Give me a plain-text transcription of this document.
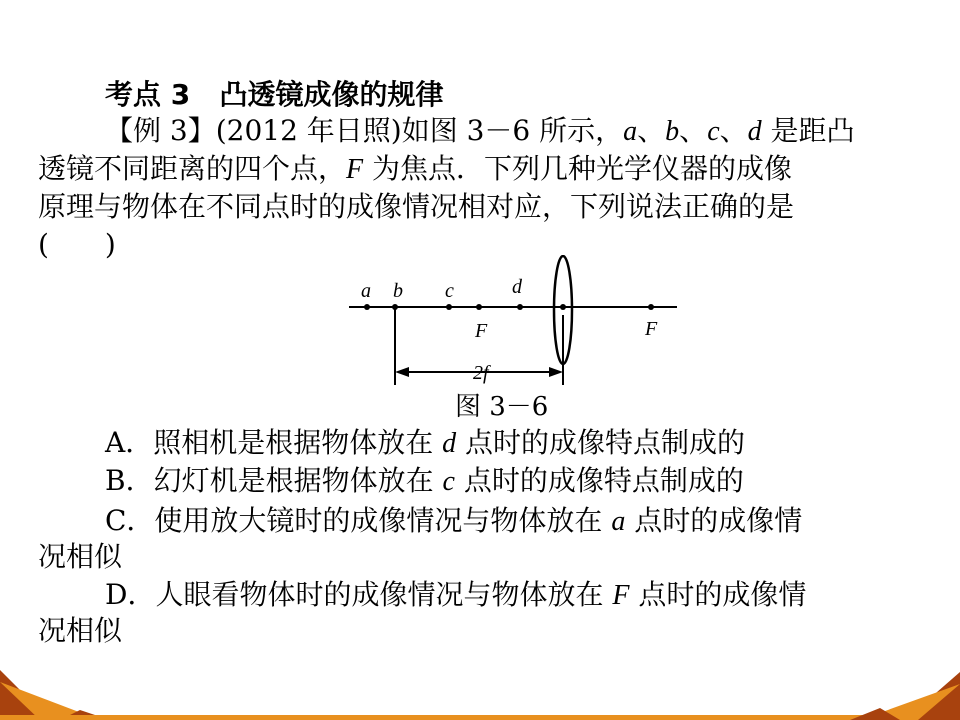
考点 3 凸透镜成像的规律
【例 3】(2012 年日照)如图 3－6 所示，a、b、c、d 是距凸
透镜不同距离的四个点，F 为焦点．下列几种光学仪器的成像
原理与物体在不同点时的成像情况相对应，下列说法正确的是
(　　)
a b c	d
F	F
2f
图 3－6
A．照相机是根据物体放在 d 点时的成像特点制成的
B．幻灯机是根据物体放在 c 点时的成像特点制成的
C．使用放大镜时的成像情况与物体放在 a 点时的成像情
况相似
D．人眼看物体时的成像情况与物体放在 F 点时的成像情
况相似
